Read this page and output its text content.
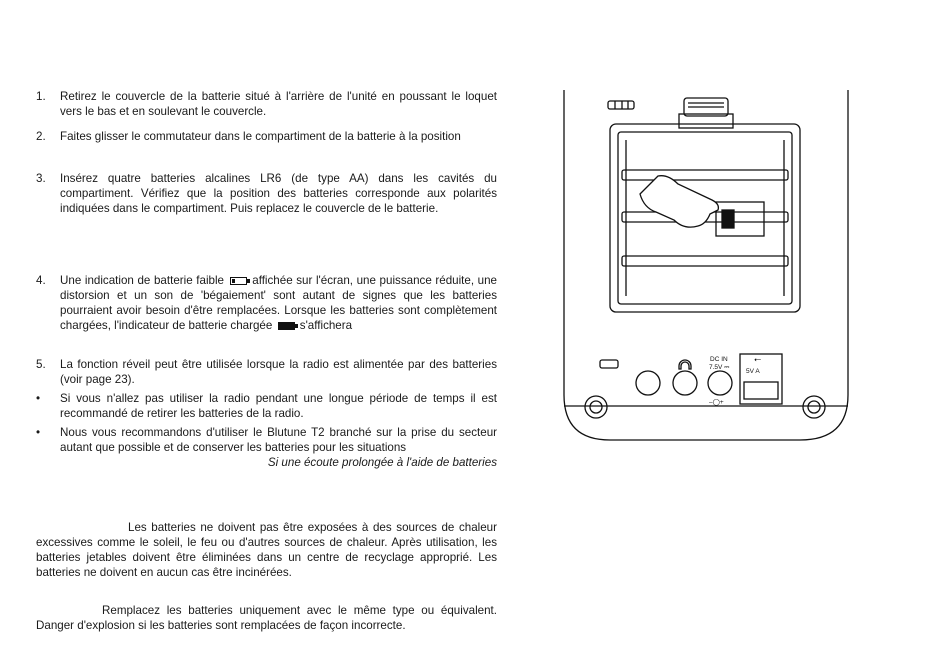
1.	Retirez le couvercle de la batterie situé à l'arrière de l'unité en poussant le loquet vers le bas et en soulevant le couvercle.
2.	Faites glisser le commutateur dans le compartiment de la batterie à la position
3.	Insérez quatre batteries alcalines LR6 (de type AA) dans les cavités du compartiment. Vérifiez que la position des batteries corresponde aux polarités indiquées dans le compartiment. Puis replacez le couvercle de le batterie.
4.	Une indication de batterie faible affichée sur l'écran, une puissance réduite, une distorsion et un son de 'bégaiement' sont autant de signes que les batteries pourraient avoir besoin d'être remplacées. Lorsque les batteries sont complètement chargées, l'indicateur de batterie chargée s'affichera
5.	La fonction réveil peut être utilisée lorsque la radio est alimentée par des batteries (voir page 23).
•	Si vous n'allez pas utiliser la radio pendant une longue période de temps il est recommandé de retirer les batteries de la radio.
•	Nous vous recommandons d'utiliser le Blutune T2 branché sur la prise du secteur autant que possible et de conserver les batteries pour les situations
Si une écoute prolongée à l'aide de batteries
Les batteries ne doivent pas être exposées à des sources de chaleur excessives comme le soleil, le feu ou d'autres sources de chaleur. Après utilisation, les batteries jetables doivent être éliminées dans un centre de recyclage approprié. Les batteries ne doivent en aucun cas être incinérées.
Remplacez les batteries uniquement avec le même type ou équivalent. Danger d'explosion si les batteries sont remplacées de façon incorrecte.
DC IN
7.5V ⎓
–◯+
5V A
⭠
